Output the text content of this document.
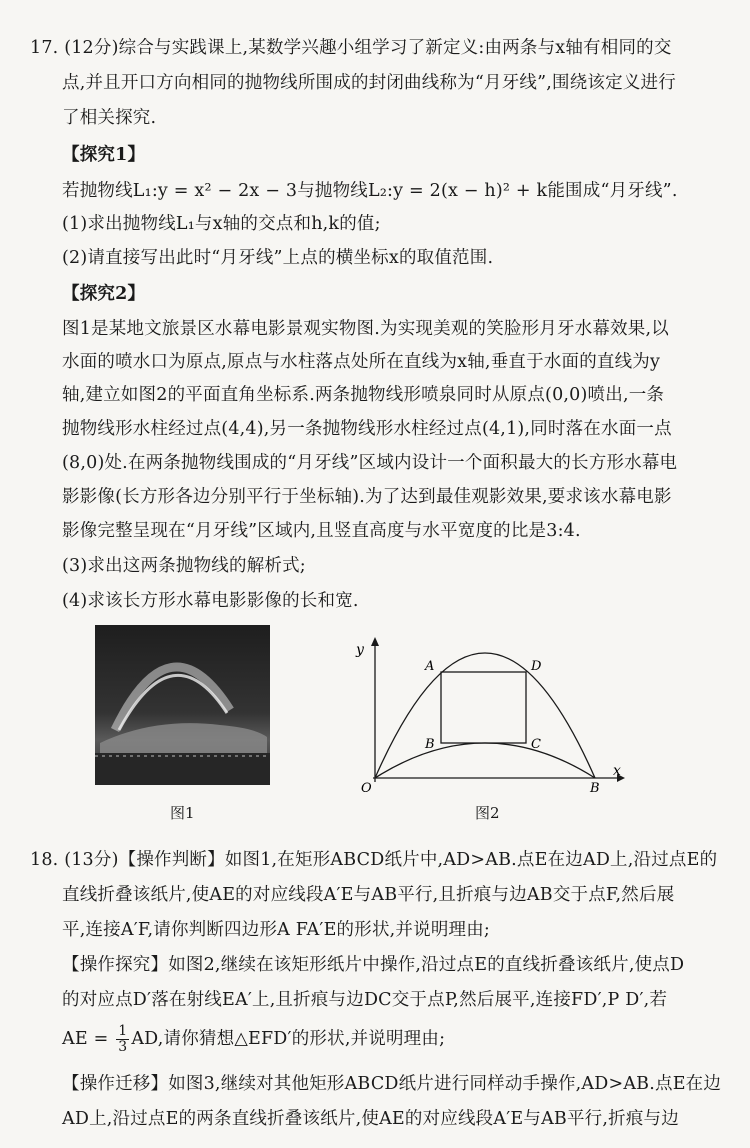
17. (12分)综合与实践课上,某数学兴趣小组学习了新定义:由两条与x轴有相同的交
点,并且开口方向相同的抛物线所围成的封闭曲线称为“月牙线”,围绕该定义进行
了相关探究.
【探究1】
若抛物线L₁:y = x² − 2x − 3与抛物线L₂:y = 2(x − h)² + k能围成“月牙线”.
(1)求出抛物线L₁与x轴的交点和h,k的值;
(2)请直接写出此时“月牙线”上点的横坐标x的取值范围.
【探究2】
图1是某地文旅景区水幕电影景观实物图.为实现美观的笑脸形月牙水幕效果,以
水面的喷水口为原点,原点与水柱落点处所在直线为x轴,垂直于水面的直线为y
轴,建立如图2的平面直角坐标系.两条抛物线形喷泉同时从原点(0,0)喷出,一条
抛物线形水柱经过点(4,4),另一条抛物线形水柱经过点(4,1),同时落在水面一点
(8,0)处.在两条抛物线围成的“月牙线”区域内设计一个面积最大的长方形水幕电
影影像(长方形各边分别平行于坐标轴).为了达到最佳观影效果,要求该水幕电影
影像完整呈现在“月牙线”区域内,且竖直高度与水平宽度的比是3:4.
(3)求出这两条抛物线的解析式;
(4)求该长方形水幕电影影像的长和宽.
图1
y
x
O	B
A	D
B	C
图2
18. (13分)【操作判断】如图1,在矩形ABCD纸片中,AD>AB.点E在边AD上,沿过点E的
直线折叠该纸片,使AE的对应线段A′E与AB平行,且折痕与边AB交于点F,然后展
平,连接A′F,请你判断四边形A FA′E的形状,并说明理由;
【操作探究】如图2,继续在该矩形纸片中操作,沿过点E的直线折叠该纸片,使点D
的对应点D′落在射线EA′上,且折痕与边DC交于点P,然后展平,连接FD′,P D′,若
AE = $\frac{1}{3}$ AD,请你猜想△EFD′的形状,并说明理由;
【操作迁移】如图3,继续对其他矩形ABCD纸片进行同样动手操作,AD>AB.点E在边
AD上,沿过点E的两条直线折叠该纸片,使AE的对应线段A′E与AB平行,折痕与边
